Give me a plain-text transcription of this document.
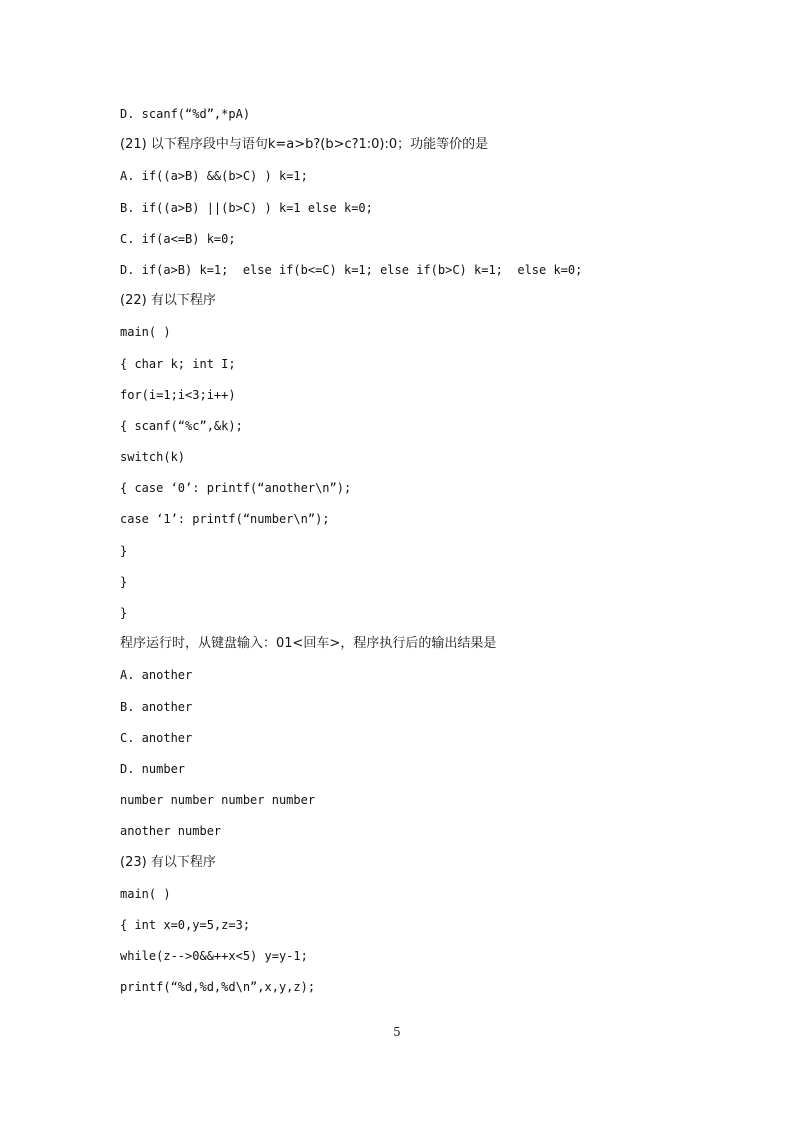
D. scanf(“%d”,*pA)
(21) 以下程序段中与语句k=a>b?(b>c?1:0):0；功能等价的是
A. if((a>B) &&(b>C) ) k=1;
B. if((a>B) ||(b>C) ) k=1 else k=0;
C. if(a<=B) k=0;
D. if(a>B) k=1;  else if(b<=C) k=1; else if(b>C) k=1;  else k=0;
(22) 有以下程序
main( )
{ char k; int I;
for(i=1;i<3;i++)
{ scanf(“%c”,&k);
switch(k)
{ case ‘0’: printf(“another\n”);
case ‘1’: printf(“number\n”);
}
}
}
程序运行时，从键盘输入：01<回车>，程序执行后的输出结果是
A. another
B. another
C. another
D. number
number number number number
another number
(23) 有以下程序
main( )
{ int x=0,y=5,z=3;
while(z-->0&&++x<5) y=y-1;
printf(“%d,%d,%d\n”,x,y,z);
5
